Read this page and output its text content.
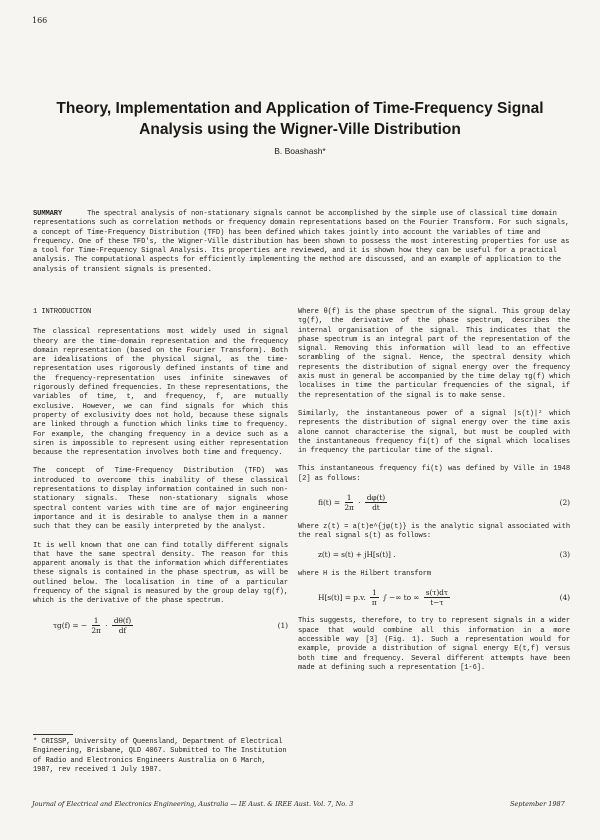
166
Theory, Implementation and Application of Time-Frequency Signal Analysis using the Wigner-Ville Distribution
B. Boashash*
SUMMARY	The spectral analysis of non-stationary signals cannot be accomplished by the simple use of classical time domain representations such as correlation methods or frequency domain representations based on the Fourier Transform. For such signals, a concept of Time-Frequency Distribution (TFD) has been defined which takes jointly into account the variables of time and frequency. One of these TFD's, the Wigner-Ville distribution has been shown to possess the most interesting properties for use as a tool for Time-Frequency Signal Analysis. Its properties are reviewed, and it is shown how they can be useful for a practical analysis. The computational aspects for efficiently implementing the method are discussed, and an example of application to the analysis of transient signals is presented.
1 INTRODUCTION
The classical representations most widely used in signal theory are the time-domain representation and the frequency domain representation (based on the Fourier Transform). Both are idealisations of the physical signal, as the time-representation uses rigorously defined instants of time and the frequency-representation uses infinite sinewaves of rigorously defined frequencies. In these representations, the variables of time, t, and frequency, f, are mutually exclusive. However, we can find signals for which this property of exclusivity does not hold, because these signals are linked through a function which links time to frequency. For example, the changing frequency in a device such as a siren is impossible to represent using either representation because the representation involves both time and frequency.
The concept of Time-Frequency Distribution (TFD) was introduced to overcome this inability of these classical representations to display information contained in such non-stationary signals. These non-stationary signals whose spectral content varies with time are of major engineering importance and it is desirable to analyse them in a manner such that they can be easily interpreted by the analyst.
It is well known that one can find totally different signals that have the same spectral density. The reason for this apparent anomaly is that the information which differentiates these signals is contained in the phase spectrum, as will be outlined below. The localisation in time of a particular frequency of the signal is measured by the group delay τg(f), which is the derivative of the phase spectrum.
τg(f) = − $\frac{1}{2\pi} \cdot \frac{d\theta(f)}{df}$	(1)
* CRISSP, University of Queensland, Department of Electrical Engineering, Brisbane, QLD 4067. Submitted to The Institution of Radio and Electronics Engineers Australia on 6 March, 1987, rev received 1 July 1987.
Where θ(f) is the phase spectrum of the signal. This group delay τg(f), the derivative of the phase spectrum, describes the internal organisation of the signal. This indicates that the phase spectrum is an integral part of the representation of the signal. Removing this information will lead to an effective scrambling of the signal. Hence, the spectral density which represents the distribution of signal energy over the frequency axis must in general be accompanied by the time delay τg(f) which localises in time the particular frequencies of the signal, if the representation of the signal is to make sense.
Similarly, the instantaneous power of a signal |s(t)|² which represents the distribution of signal energy over the time axis alone cannot characterise the signal, but must be coupled with the instantaneous frequency fi(t) of the signal which localises in frequency the particular time of the signal.
This instantaneous frequency fi(t) was defined by Ville in 1948 [2] as follows:
$fi(t) = \frac{1}{2\pi} \cdot \frac{d\varphi(t)}{dt}$	(2)
Where z(t) = a(t)e^{jφ(t)} is the analytic signal associated with the real signal s(t) as follows:
z(t) = s(t) + jH[s(t)] .	(3)
where H is the Hilbert transform
H[s(t)] = p.v. $\frac{1}{\pi}$ ∫ −∞ to ∞ $\frac{s(\tau)d\tau}{t-\tau}$	(4)
This suggests, therefore, to try to represent signals in a wider space that would combine all this information in a more accessible way [3] (Fig. 1). Such a representation would for example, provide a distribution of signal energy E(t,f) versus both time and frequency. Several different attempts have been made at defining such a representation [1-6].
Journal of Electrical and Electronics Engineering, Australia — IE Aust. & IREE Aust. Vol. 7, No. 3	September 1987
